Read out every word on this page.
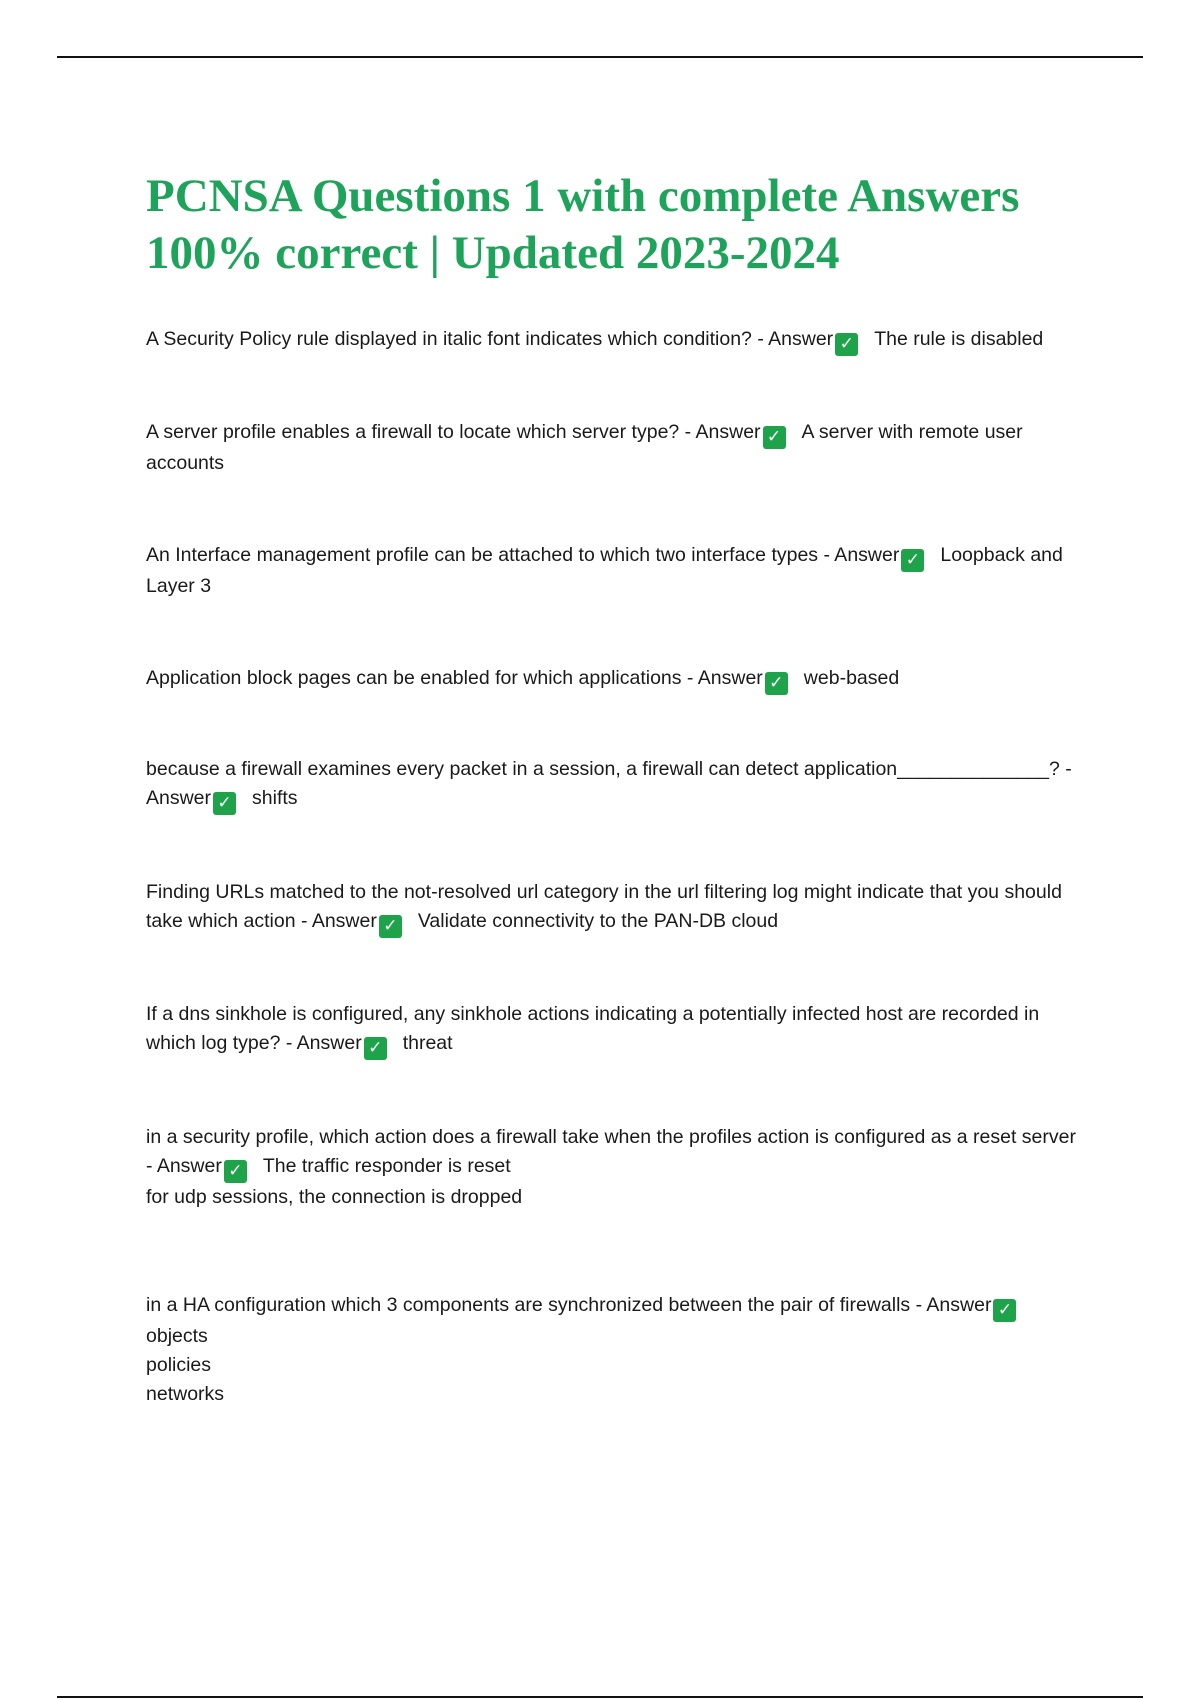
PCNSA Questions 1 with complete Answers
100% correct | Updated 2023-2024

A Security Policy rule displayed in italic font indicates which condition? - Answer ✓ The rule is disabled

A server profile enables a firewall to locate which server type? - Answer ✓ A server with remote user accounts

An Interface management profile can be attached to which two interface types - Answer ✓ Loopback and Layer 3

Application block pages can be enabled for which applications - Answer ✓ web-based

because a firewall examines every packet in a session, a firewall can detect application______________? - Answer ✓ shifts

Finding URLs matched to the not-resolved url category in the url filtering log might indicate that you should take which action - Answer ✓ Validate connectivity to the PAN-DB cloud

If a dns sinkhole is configured, any sinkhole actions indicating a potentially infected host are recorded in which log type? - Answer ✓ threat

in a security profile, which action does a firewall take when the profiles action is configured as a reset server - Answer ✓ The traffic responder is reset

for udp sessions, the connection is dropped

in a HA configuration which 3 components are synchronized between the pair of firewalls - Answer ✓objects

policies

networks
